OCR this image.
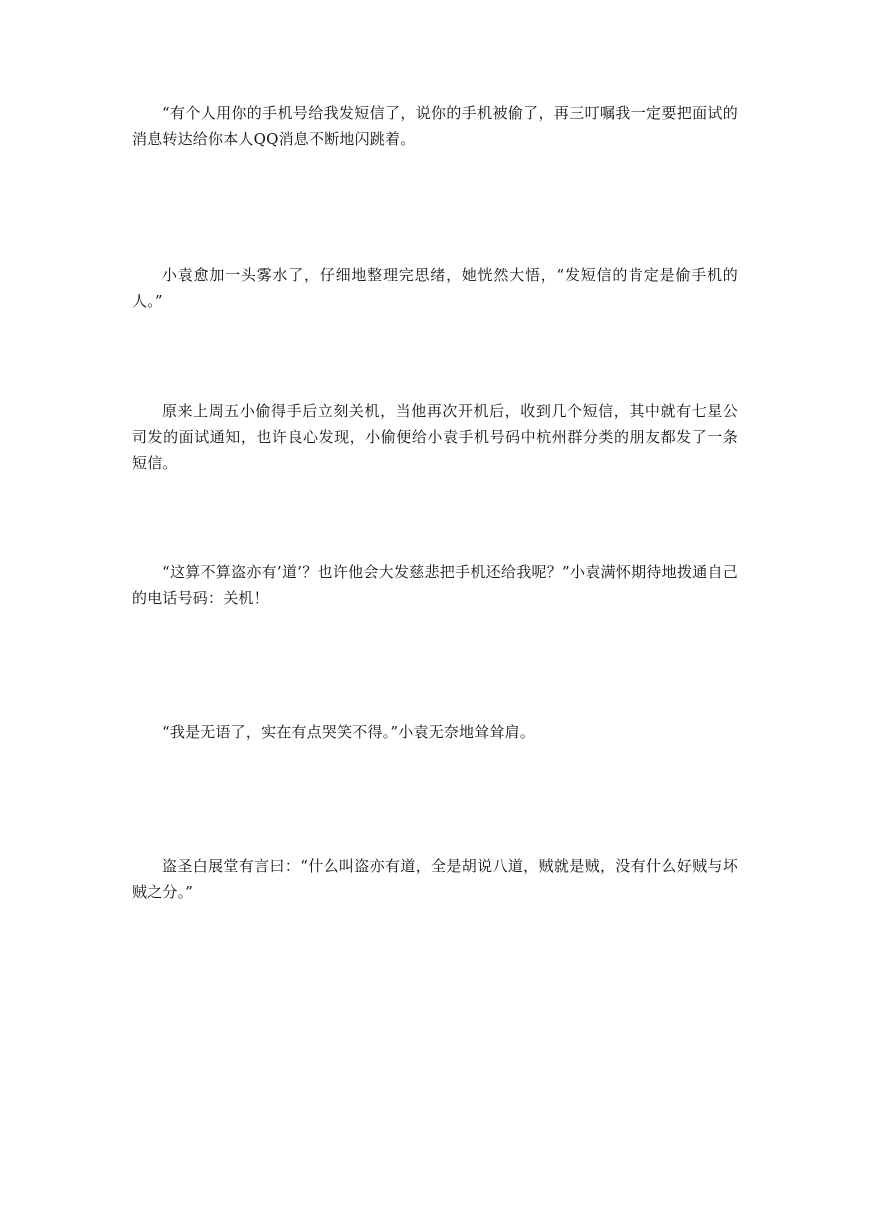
“有个人用你的手机号给我发短信了，说你的手机被偷了，再三叮嘱我一定要把面试的消息转达给你本人QQ消息不断地闪跳着。

小袁愈加一头雾水了，仔细地整理完思绪，她恍然大悟，“发短信的肯定是偷手机的人。”

原来上周五小偷得手后立刻关机，当他再次开机后，收到几个短信，其中就有七星公司发的面试通知，也许良心发现，小偷便给小袁手机号码中杭州群分类的朋友都发了一条短信。

“这算不算盗亦有’道’？也许他会大发慈悲把手机还给我呢？”小袁满怀期待地拨通自己的电话号码：关机！

“我是无语了，实在有点哭笑不得。”小袁无奈地耸耸肩。

盗圣白展堂有言曰：“什么叫盗亦有道，全是胡说八道，贼就是贼，没有什么好贼与坏贼之分。”
